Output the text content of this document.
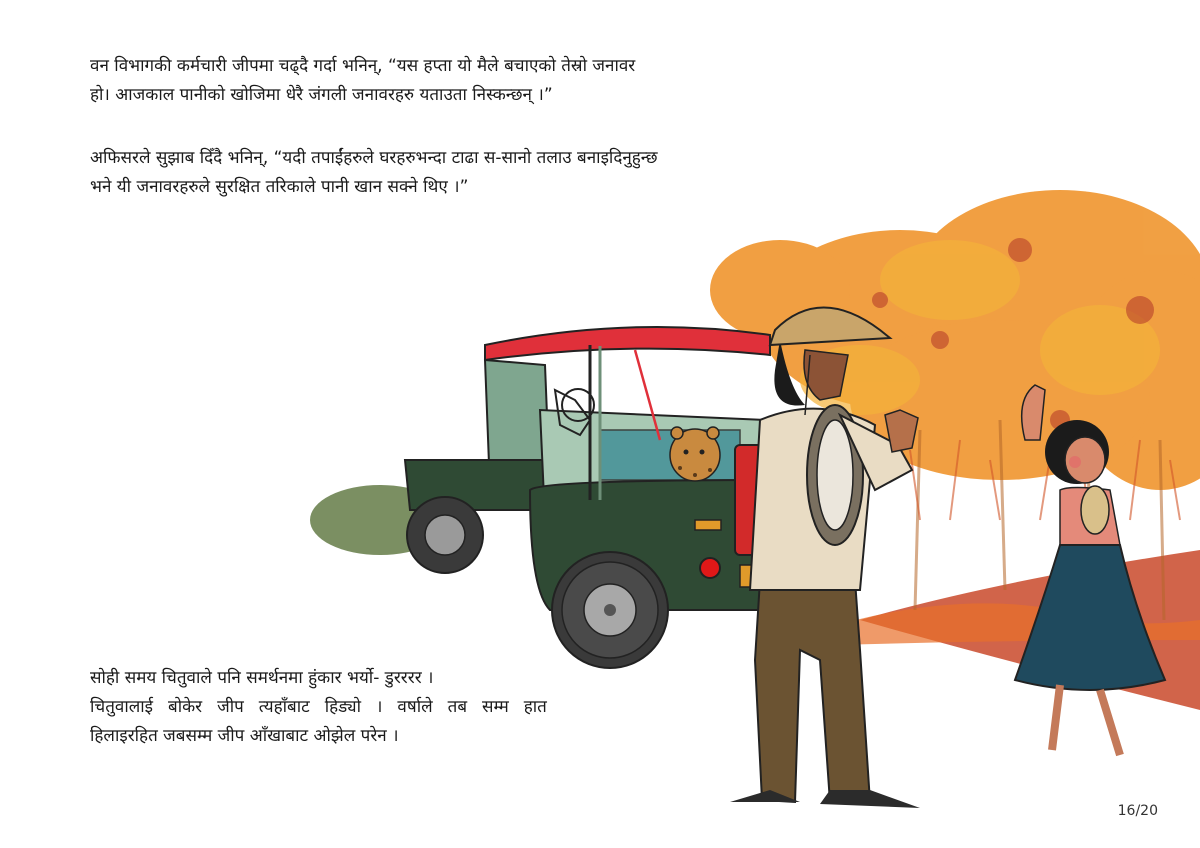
वन विभागकी कर्मचारी जीपमा चढ्दै गर्दा भनिन्, “यस हप्ता यो मैले बचाएको तेस्रो जनावर
हो। आजकाल पानीको खोजिमा धेरै जंगली जनावरहरु यताउता निस्कन्छन् ।”
अफिसरले सुझाब दिँदै भनिन्, “यदी तपाईंहरुले घरहरुभन्दा टाढा स-सानो तलाउ बनाइदिनुहुन्छ
भने यी जनावरहरुले सुरक्षित तरिकाले पानी खान सक्ने थिए ।”
सोही समय चितुवाले पनि समर्थनमा हुंकार भर्यो- डुरररर ।
चितुवालाई बोकेर जीप त्यहाँबाट हिड्यो । वर्षाले तब सम्म हात
हिलाइरहित जबसम्म जीप आँखाबाट ओझेल परेन ।
16/20
